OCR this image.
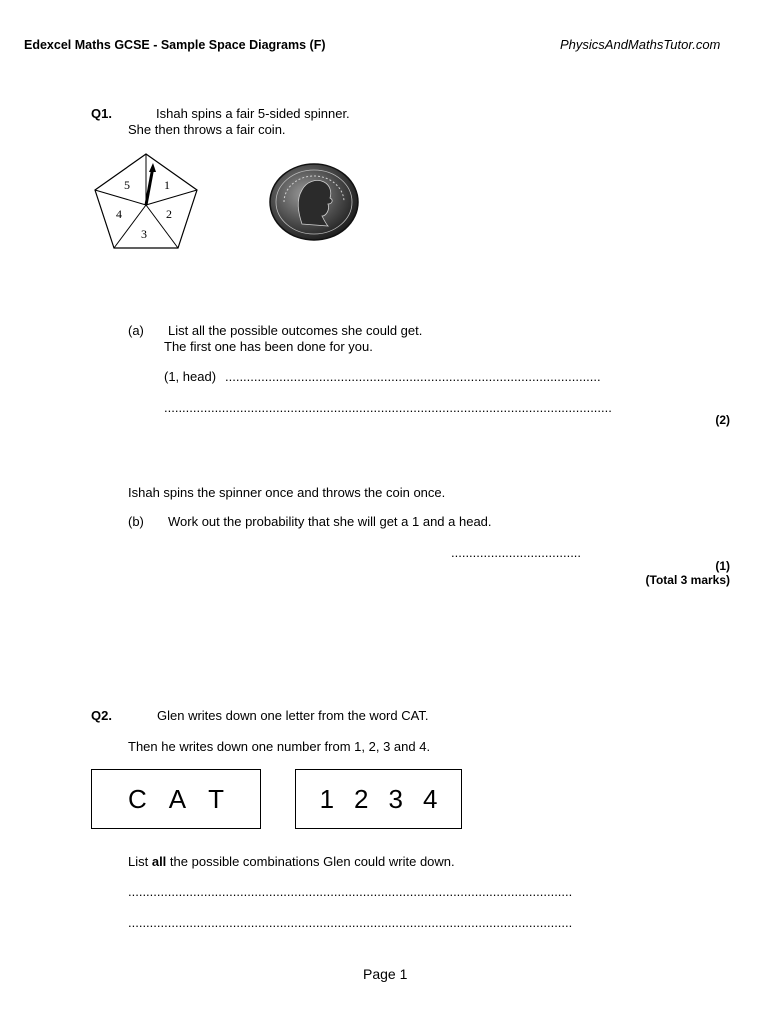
Edexcel Maths GCSE - Sample Space Diagrams (F)	PhysicsAndMathsTutor.com
Q1.	Ishah spins a fair 5-sided spinner.
She then throws a fair coin.
1
2
3
4
5
(a) List all the possible outcomes she could get.
The first one has been done for you.
(1, head) ........................................................................................................
............................................................................................................................
(2)
Ishah spins the spinner once and throws the coin once.
(b) Work out the probability that she will get a 1 and a head.
....................................
(1)
(Total 3 marks)
Q2.	Glen writes down one letter from the word CAT.
Then he writes down one number from 1, 2, 3 and 4.
C A T	1 2 3 4
List all the possible combinations Glen could write down.
...........................................................................................................................
...........................................................................................................................
Page 1
